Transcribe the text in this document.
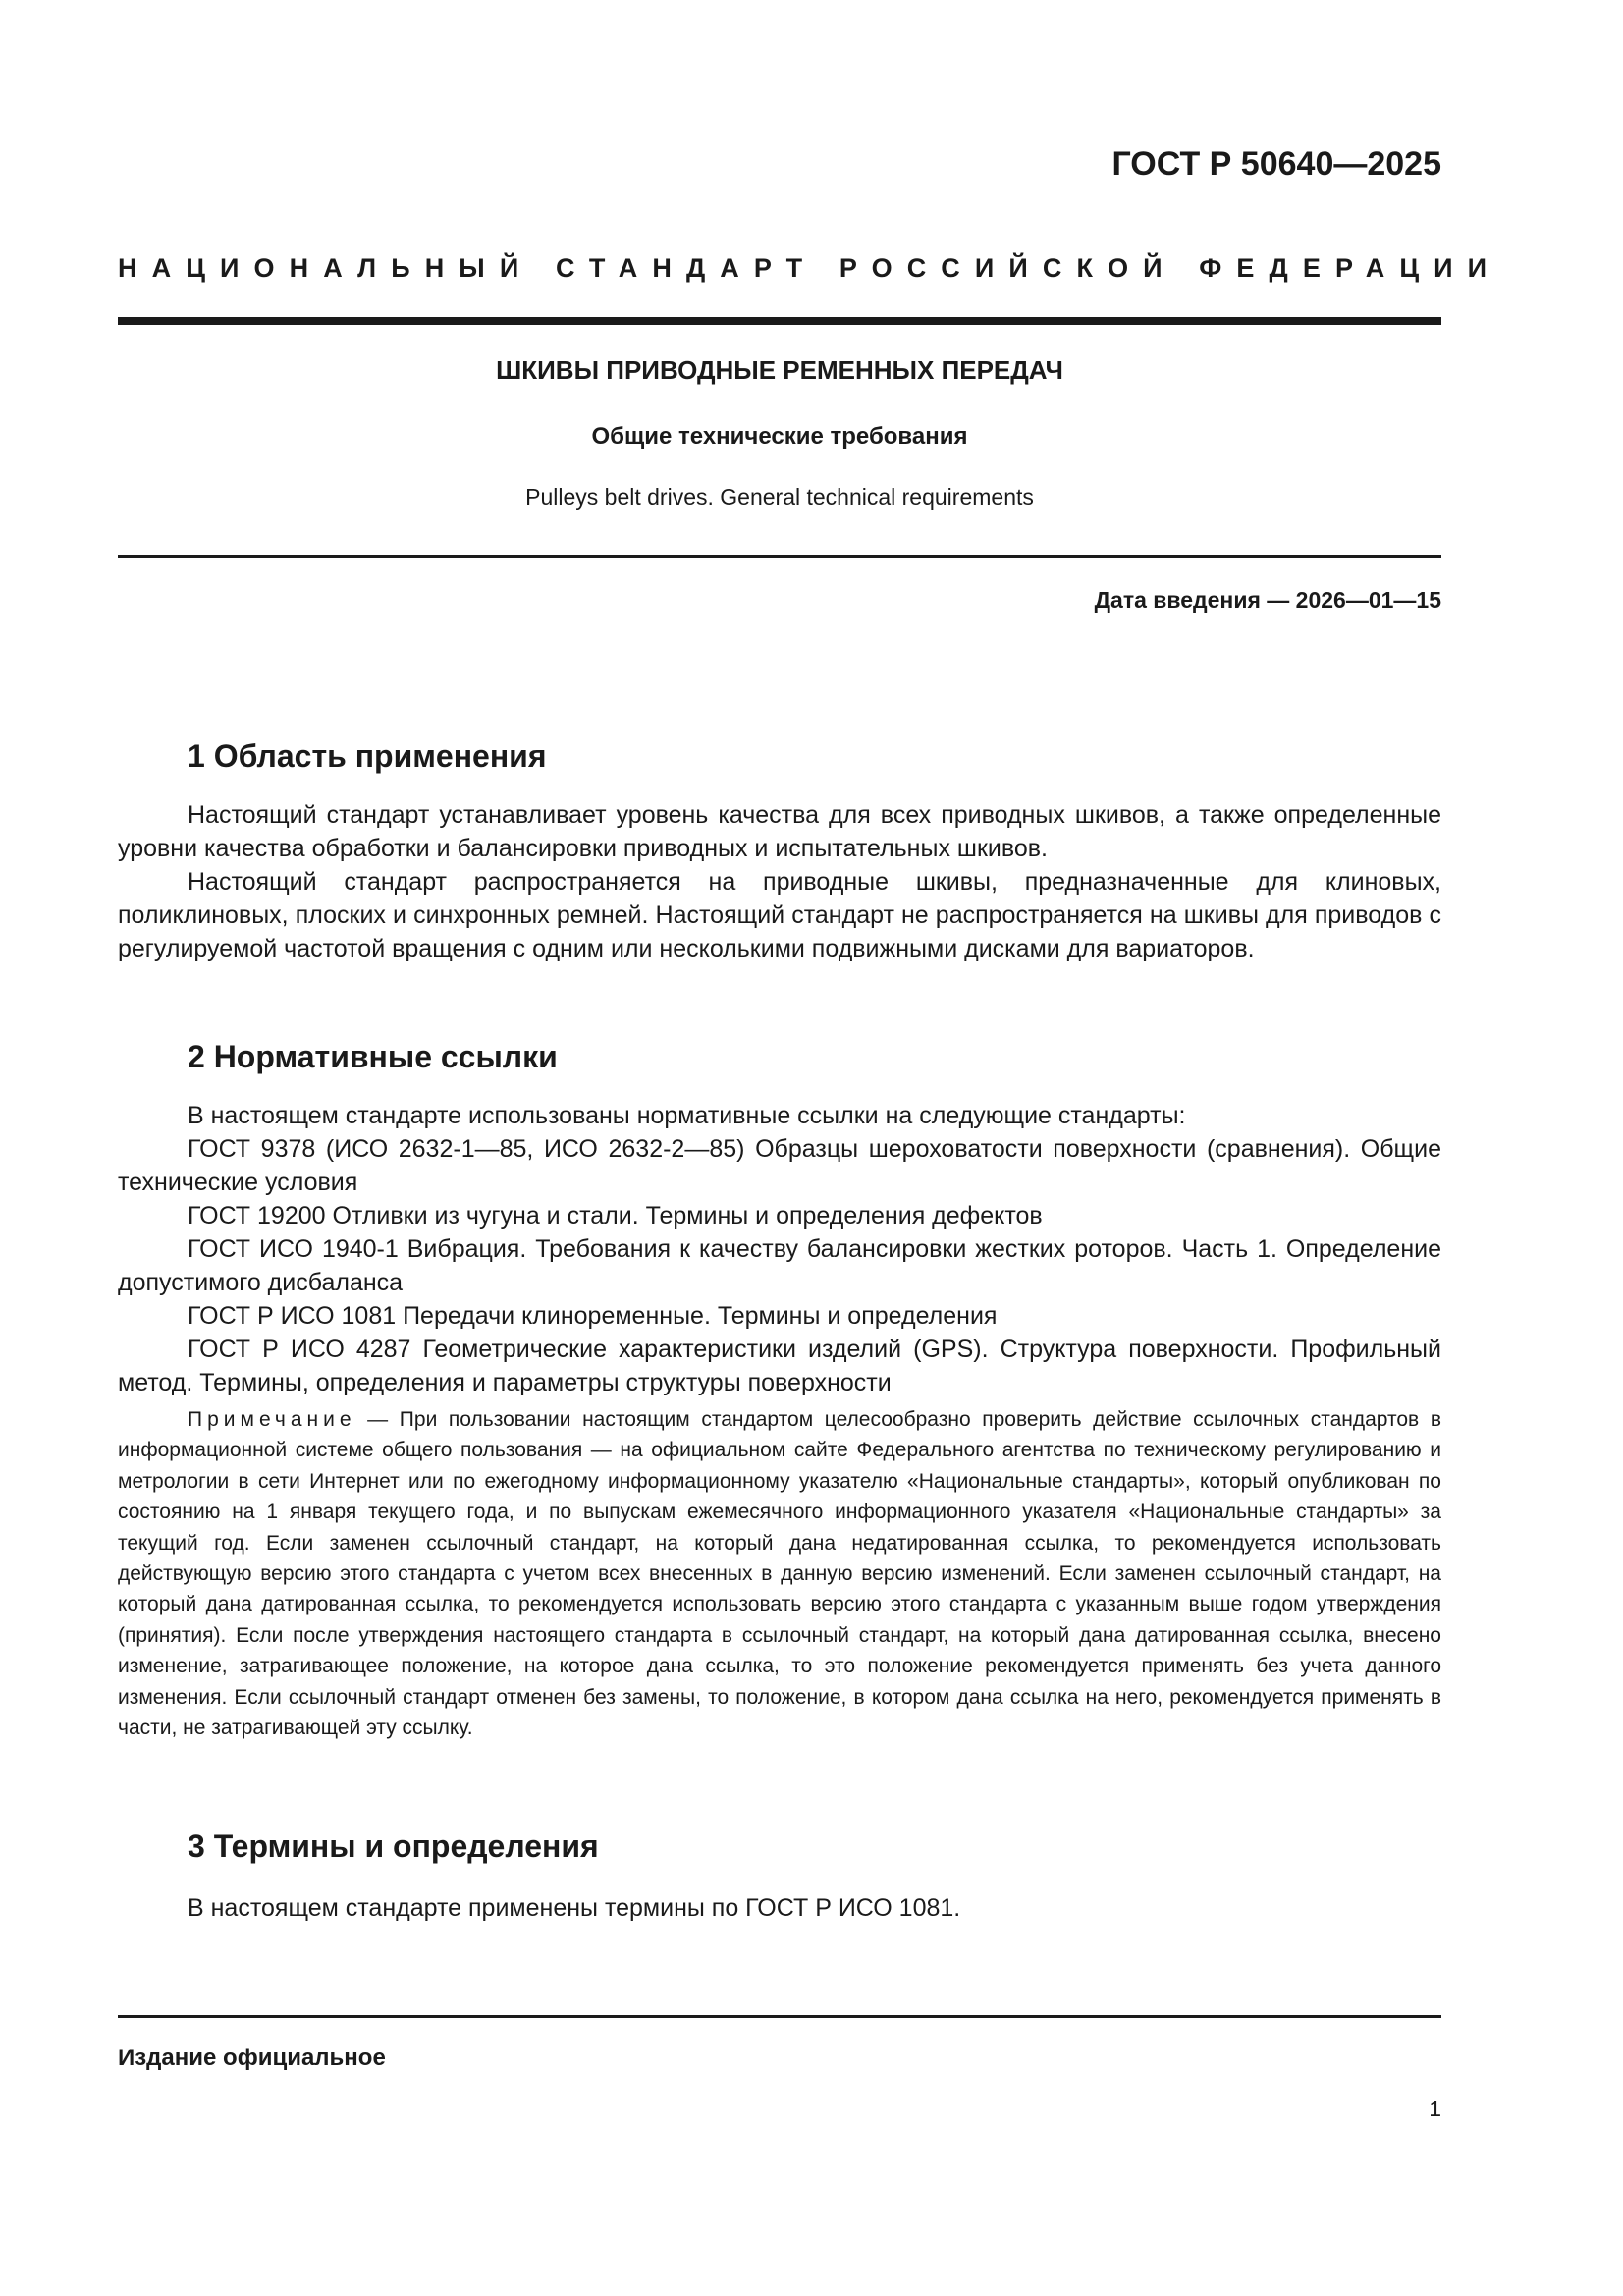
ГОСТ Р 50640—2025
НАЦИОНАЛЬНЫЙ СТАНДАРТ РОССИЙСКОЙ ФЕДЕРАЦИИ
ШКИВЫ ПРИВОДНЫЕ РЕМЕННЫХ ПЕРЕДАЧ
Общие технические требования
Pulleys belt drives. General technical requirements
Дата введения — 2026—01—15
1 Область применения

Настоящий стандарт устанавливает уровень качества для всех приводных шкивов, а также определенные уровни качества обработки и балансировки приводных и испытательных шкивов.

Настоящий стандарт распространяется на приводные шкивы, предназначенные для клиновых, поликлиновых, плоских и синхронных ремней. Настоящий стандарт не распространяется на шкивы для приводов с регулируемой частотой вращения с одним или несколькими подвижными дисками для вариаторов.

2 Нормативные ссылки

В настоящем стандарте использованы нормативные ссылки на следующие стандарты:

ГОСТ 9378 (ИСО 2632-1—85, ИСО 2632-2—85) Образцы шероховатости поверхности (сравнения). Общие технические условия

ГОСТ 19200 Отливки из чугуна и стали. Термины и определения дефектов

ГОСТ ИСО 1940-1 Вибрация. Требования к качеству балансировки жестких роторов. Часть 1. Определение допустимого дисбаланса

ГОСТ Р ИСО 1081 Передачи клиноременные. Термины и определения

ГОСТ Р ИСО 4287 Геометрические характеристики изделий (GPS). Структура поверхности. Профильный метод. Термины, определения и параметры структуры поверхности

Примечание — При пользовании настоящим стандартом целесообразно проверить действие ссылочных стандартов в информационной системе общего пользования — на официальном сайте Федерального агентства по техническому регулированию и метрологии в сети Интернет или по ежегодному информационному указателю «Национальные стандарты», который опубликован по состоянию на 1 января текущего года, и по выпускам ежемесячного информационного указателя «Национальные стандарты» за текущий год. Если заменен ссылочный стандарт, на который дана недатированная ссылка, то рекомендуется использовать действующую версию этого стандарта с учетом всех внесенных в данную версию изменений. Если заменен ссылочный стандарт, на который дана датированная ссылка, то рекомендуется использовать версию этого стандарта с указанным выше годом утверждения (принятия). Если после утверждения настоящего стандарта в ссылочный стандарт, на который дана датированная ссылка, внесено изменение, затрагивающее положение, на которое дана ссылка, то это положение рекомендуется применять без учета данного изменения. Если ссылочный стандарт отменен без замены, то положение, в котором дана ссылка на него, рекомендуется применять в части, не затрагивающей эту ссылку.

3 Термины и определения

В настоящем стандарте применены термины по ГОСТ Р ИСО 1081.

Издание официальное
1
